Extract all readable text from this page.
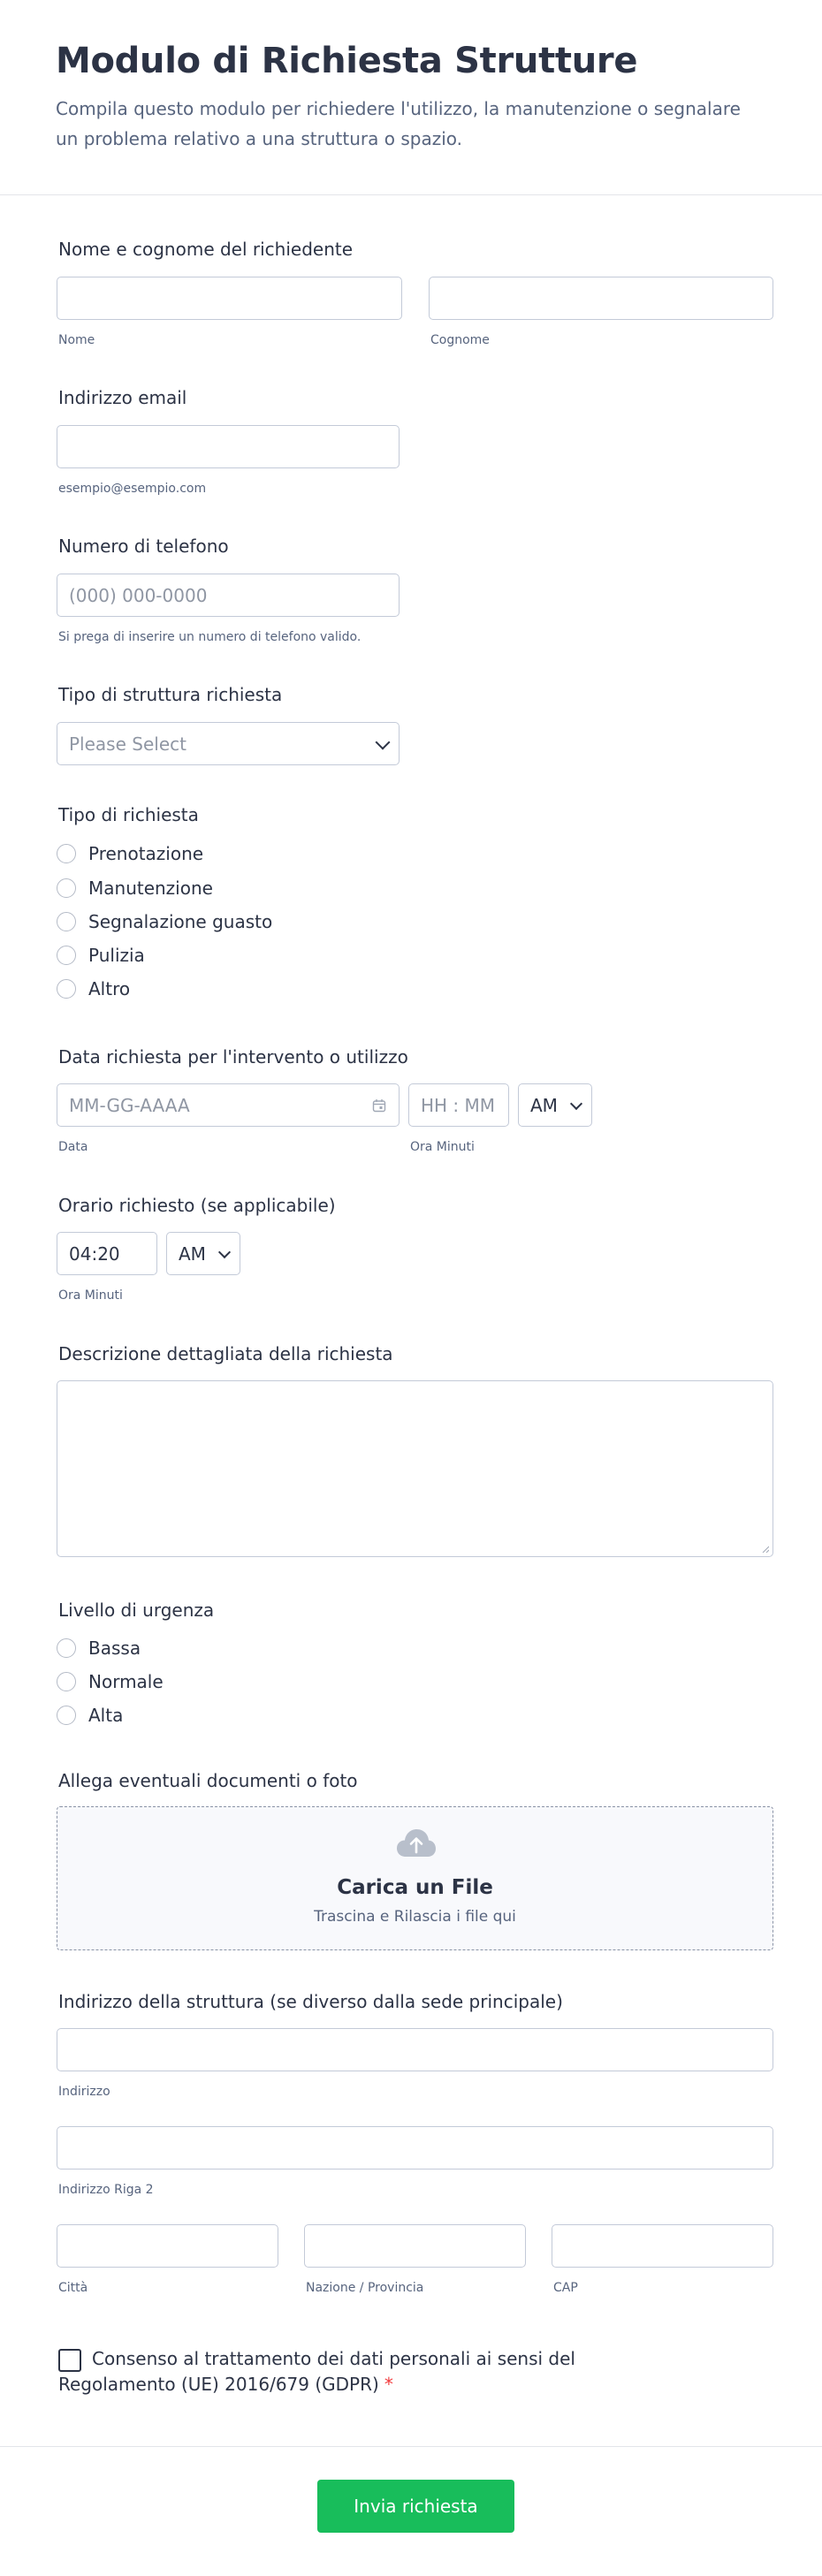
Modulo di Richiesta Strutture
Compila questo modulo per richiedere l'utilizzo, la manutenzione o segnalare un problema relativo a una struttura o spazio.
Nome e cognome del richiedente
Nome	Cognome
Indirizzo email
esempio@esempio.com
Numero di telefono
(000) 000-0000
Si prega di inserire un numero di telefono valido.
Tipo di struttura richiesta
Please Select
Tipo di richiesta
Prenotazione
Manutenzione
Segnalazione guasto
Pulizia
Altro
Data richiesta per l'intervento o utilizzo
MM-GG-AAAA	HH : MM AM
Data	Ora Minuti
Orario richiesto (se applicabile)
04:20	AM
Ora Minuti
Descrizione dettagliata della richiesta
Livello di urgenza
Bassa
Normale
Alta
Allega eventuali documenti o foto
Carica un File
Trascina e Rilascia i file qui
Indirizzo della struttura (se diverso dalla sede principale)
Indirizzo
Indirizzo Riga 2
Città	Nazione / Provincia	CAP
Consenso al trattamento dei dati personali ai sensi del Regolamento (UE) 2016/679 (GDPR) *
Invia richiesta
